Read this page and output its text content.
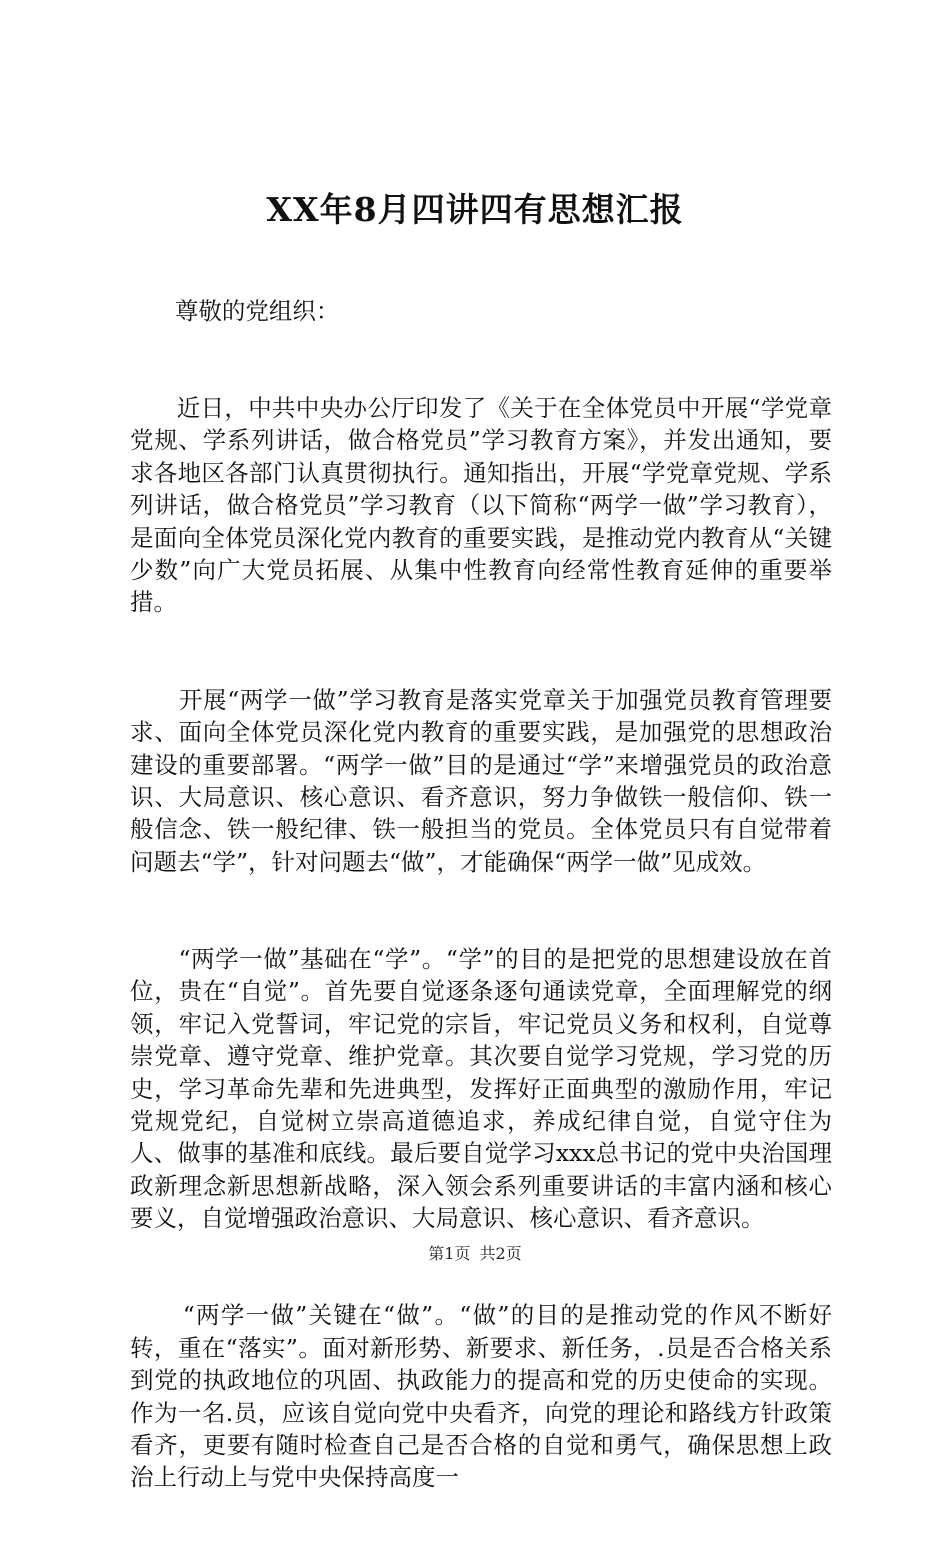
XX年8月四讲四有思想汇报

尊敬的党组织：

近日，中共中央办公厅印发了《关于在全体党员中开展“学党章党规、学系列讲话，做合格党员”学习教育方案》，并发出通知，要求各地区各部门认真贯彻执行。通知指出，开展“学党章党规、学系列讲话，做合格党员”学习教育（以下简称“两学一做”学习教育），是面向全体党员深化党内教育的重要实践，是推动党内教育从“关键少数”向广大党员拓展、从集中性教育向经常性教育延伸的重要举措。

开展“两学一做”学习教育是落实党章关于加强党员教育管理要求、面向全体党员深化党内教育的重要实践，是加强党的思想政治建设的重要部署。“两学一做”目的是通过“学”来增强党员的政治意识、大局意识、核心意识、看齐意识，努力争做铁一般信仰、铁一般信念、铁一般纪律、铁一般担当的党员。全体党员只有自觉带着问题去“学”，针对问题去“做”，才能确保“两学一做”见成效。

“两学一做”基础在“学”。“学”的目的是把党的思想建设放在首位，贵在“自觉”。首先要自觉逐条逐句通读党章，全面理解党的纲领，牢记入党誓词，牢记党的宗旨，牢记党员义务和权利，自觉尊崇党章、遵守党章、维护党章。其次要自觉学习党规，学习党的历史，学习革命先辈和先进典型，发挥好正面典型的激励作用，牢记党规党纪，自觉树立崇高道德追求，养成纪律自觉，自觉守住为人、做事的基准和底线。最后要自觉学习xxx总书记的党中央治国理政新理念新思想新战略，深入领会系列重要讲话的丰富内涵和核心要义，自觉增强政治意识、大局意识、核心意识、看齐意识。

“两学一做”关键在“做”。“做”的目的是推动党的作风不断好转，重在“落实”。面对新形势、新要求、新任务，.员是否合格关系到党的执政地位的巩固、执政能力的提高和党的历史使命的实现。作为一名.员，应该自觉向党中央看齐，向党的理论和路线方针政策看齐，更要有随时检查自己是否合格的自觉和勇气，确保思想上政治上行动上与党中央保持高度一

第1页 共2页
